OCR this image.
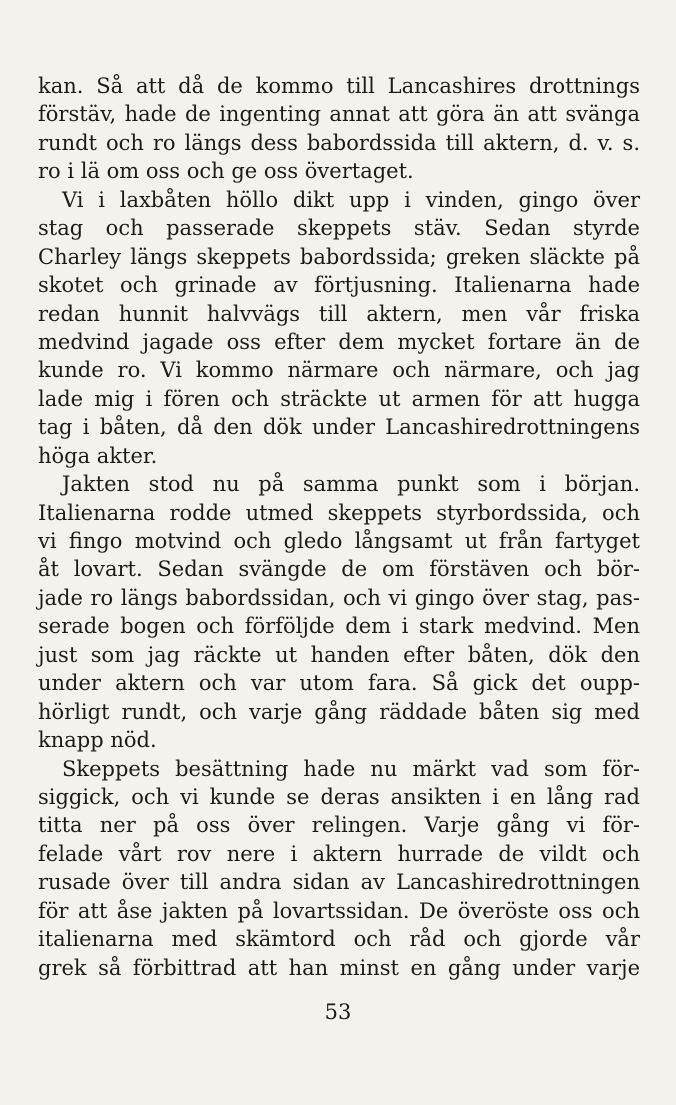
kan. Så att då de kommo till Lancashires drottnings
förstäv, hade de ingenting annat att göra än att svänga
rundt och ro längs dess babordssida till aktern, d. v. s.
ro i lä om oss och ge oss övertaget.
Vi i laxbåten höllo dikt upp i vinden, gingo över
stag och passerade skeppets stäv. Sedan styrde
Charley längs skeppets babordssida; greken släckte på
skotet och grinade av förtjusning. Italienarna hade
redan hunnit halvvägs till aktern, men vår friska
medvind jagade oss efter dem mycket fortare än de
kunde ro. Vi kommo närmare och närmare, och jag
lade mig i fören och sträckte ut armen för att hugga
tag i båten, då den dök under Lancashiredrottningens
höga akter.
Jakten stod nu på samma punkt som i början.
Italienarna rodde utmed skeppets styrbordssida, och
vi fingo motvind och gledo långsamt ut från fartyget
åt lovart. Sedan svängde de om förstäven och bör-
jade ro längs babordssidan, och vi gingo över stag, pas-
serade bogen och förföljde dem i stark medvind. Men
just som jag räckte ut handen efter båten, dök den
under aktern och var utom fara. Så gick det oupp-
hörligt rundt, och varje gång räddade båten sig med
knapp nöd.
Skeppets besättning hade nu märkt vad som för-
siggick, och vi kunde se deras ansikten i en lång rad
titta ner på oss över relingen. Varje gång vi för-
felade vårt rov nere i aktern hurrade de vildt och
rusade över till andra sidan av Lancashiredrottningen
för att åse jakten på lovartssidan. De överöste oss och
italienarna med skämtord och råd och gjorde vår
grek så förbittrad att han minst en gång under varje
53
